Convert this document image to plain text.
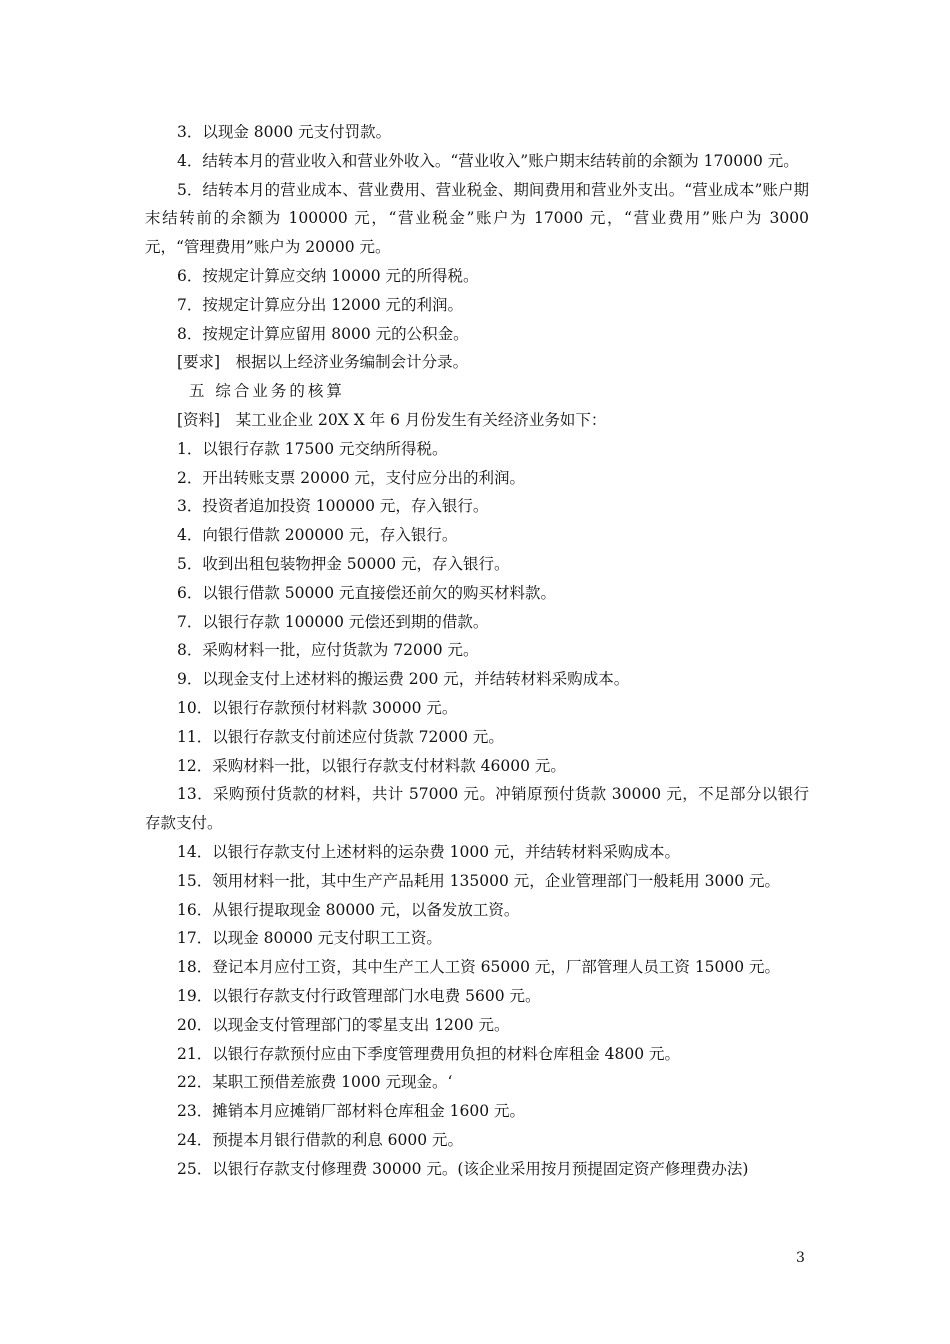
3．以现金 8000 元支付罚款。

4．结转本月的营业收入和营业外收入。“营业收入”账户期末结转前的余额为 170000 元。

5．结转本月的营业成本、营业费用、营业税金、期间费用和营业外支出。“营业成本”账户期末结转前的余额为 100000 元，“营业税金”账户为 17000 元，“营业费用”账户为 3000 元，“管理费用”账户为 20000 元。

6．按规定计算应交纳 10000 元的所得税。

7．按规定计算应分出 12000 元的利润。

8．按规定计算应留用 8000 元的公积金。

[要求]　根据以上经济业务编制会计分录。

五 综合业务的核算

[资料]　某工业企业 20X X 年 6 月份发生有关经济业务如下：

1．以银行存款 17500 元交纳所得税。

2．开出转账支票 20000 元，支付应分出的利润。

3．投资者追加投资 100000 元，存入银行。

4．向银行借款 200000 元，存入银行。

5．收到出租包装物押金 50000 元，存入银行。

6．以银行借款 50000 元直接偿还前欠的购买材料款。

7．以银行存款 100000 元偿还到期的借款。

8．采购材料一批，应付货款为 72000 元。

9．以现金支付上述材料的搬运费 200 元，并结转材料采购成本。

10．以银行存款预付材料款 30000 元。

11．以银行存款支付前述应付货款 72000 元。

12．采购材料一批，以银行存款支付材料款 46000 元。

13．采购预付货款的材料，共计 57000 元。冲销原预付货款 30000 元，不足部分以银行存款支付。

14．以银行存款支付上述材料的运杂费 1000 元，并结转材料采购成本。

15．领用材料一批，其中生产产品耗用 135000 元，企业管理部门一般耗用 3000 元。

16．从银行提取现金 80000 元，以备发放工资。

17．以现金 80000 元支付职工工资。

18．登记本月应付工资，其中生产工人工资 65000 元，厂部管理人员工资 15000 元。

19．以银行存款支付行政管理部门水电费 5600 元。

20．以现金支付管理部门的零星支出 1200 元。

21．以银行存款预付应由下季度管理费用负担的材料仓库租金 4800 元。

22．某职工预借差旅费 1000 元现金。‘

23．摊销本月应摊销厂部材料仓库租金 1600 元。

24．预提本月银行借款的利息 6000 元。

25．以银行存款支付修理费 30000 元。(该企业采用按月预提固定资产修理费办法)

3
